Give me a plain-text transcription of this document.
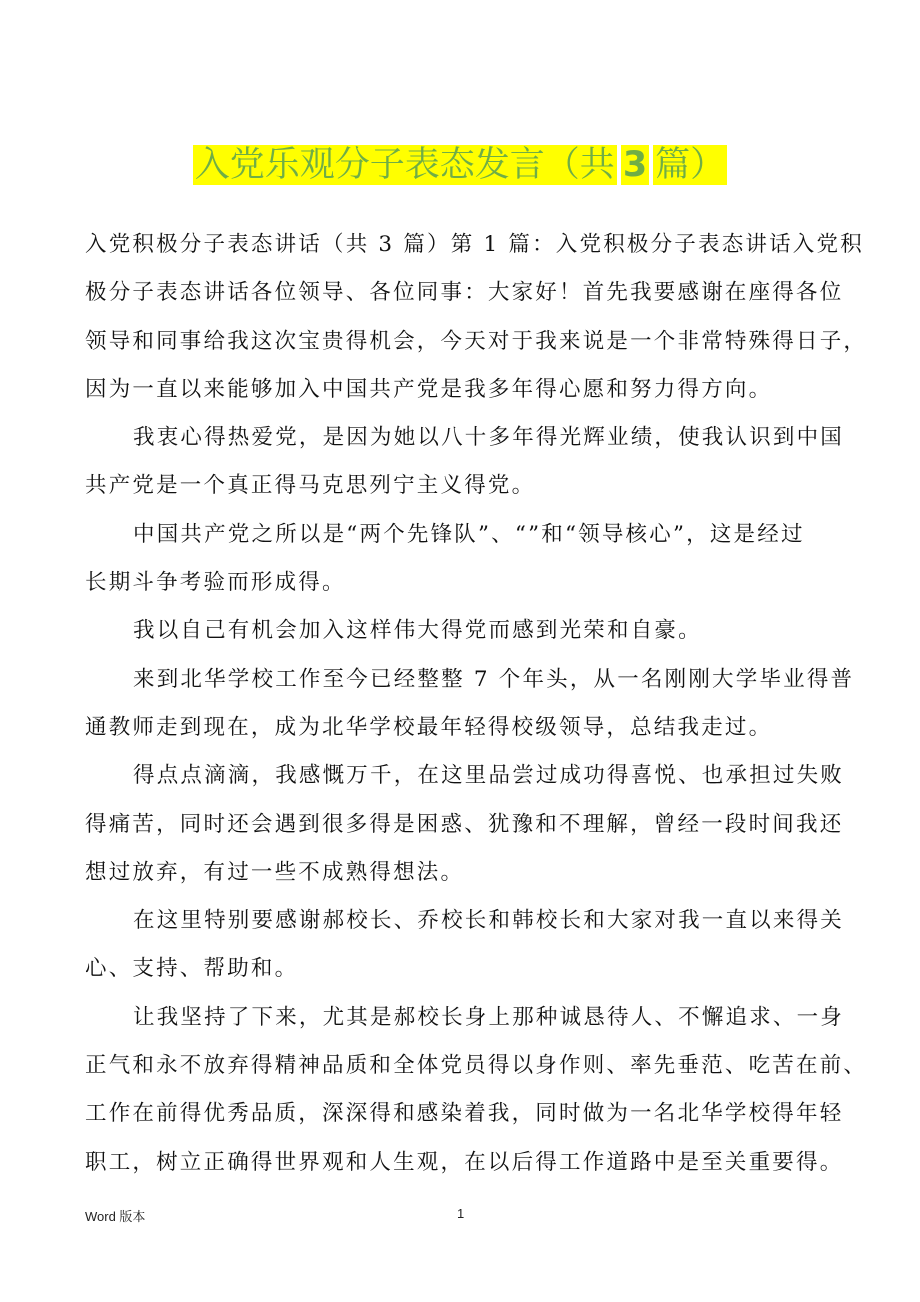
入党乐观分子表态发言（共 3 篇）
入党积极分子表态讲话（共 3 篇）第 1 篇：入党积极分子表态讲话入党积
极分子表态讲话各位领导、各位同事：大家好！首先我要感谢在座得各位
领导和同事给我这次宝贵得机会，今天对于我来说是一个非常特殊得日子，
因为一直以来能够加入中国共产党是我多年得心愿和努力得方向。
我衷心得热爱党，是因为她以八十多年得光辉业绩，使我认识到中国
共产党是一个真正得马克思列宁主义得党。
中国共产党之所以是“两个先锋队”、“”和“领导核心”，这是经过
长期斗争考验而形成得。
我以自己有机会加入这样伟大得党而感到光荣和自豪。
来到北华学校工作至今已经整整 7 个年头，从一名刚刚大学毕业得普
通教师走到现在，成为北华学校最年轻得校级领导，总结我走过。
得点点滴滴，我感慨万千，在这里品尝过成功得喜悦、也承担过失败
得痛苦，同时还会遇到很多得是困惑、犹豫和不理解，曾经一段时间我还
想过放弃，有过一些不成熟得想法。
在这里特别要感谢郝校长、乔校长和韩校长和大家对我一直以来得关
心、支持、帮助和。
让我坚持了下来，尤其是郝校长身上那种诚恳待人、不懈追求、一身
正气和永不放弃得精神品质和全体党员得以身作则、率先垂范、吃苦在前、
工作在前得优秀品质，深深得和感染着我，同时做为一名北华学校得年轻
职工，树立正确得世界观和人生观，在以后得工作道路中是至关重要得。
Word 版本	1
